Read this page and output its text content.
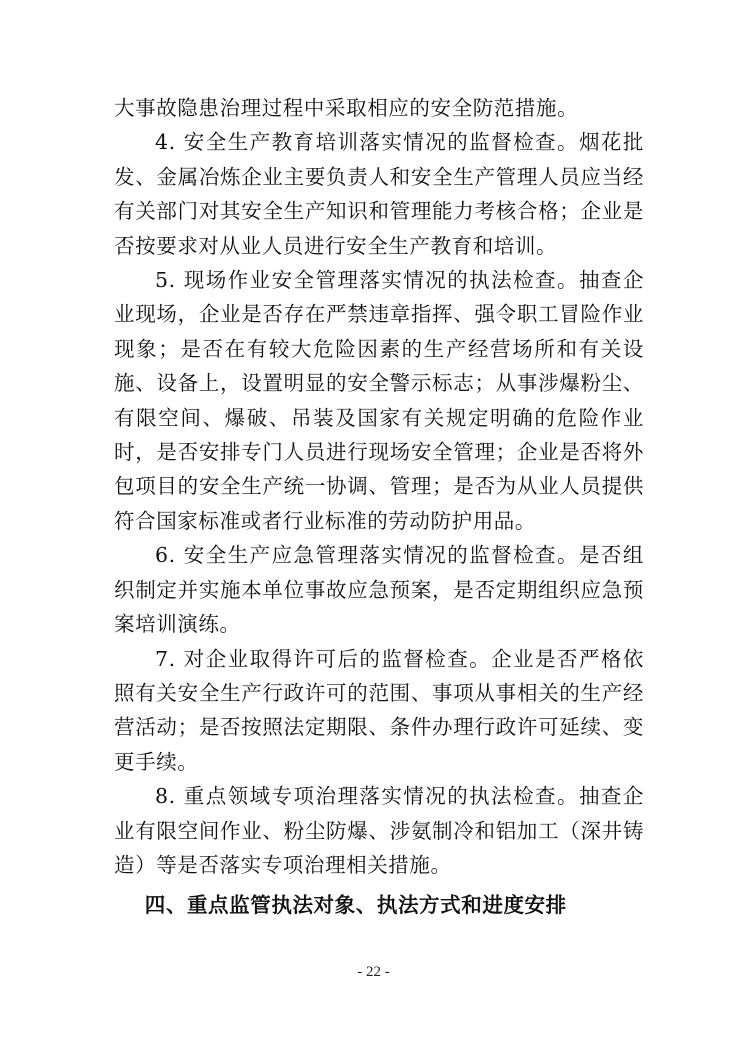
大事故隐患治理过程中采取相应的安全防范措施。

4. 安全生产教育培训落实情况的监督检查。烟花批发、金属冶炼企业主要负责人和安全生产管理人员应当经有关部门对其安全生产知识和管理能力考核合格；企业是否按要求对从业人员进行安全生产教育和培训。

5. 现场作业安全管理落实情况的执法检查。抽查企业现场，企业是否存在严禁违章指挥、强令职工冒险作业现象；是否在有较大危险因素的生产经营场所和有关设施、设备上，设置明显的安全警示标志；从事涉爆粉尘、有限空间、爆破、吊装及国家有关规定明确的危险作业时，是否安排专门人员进行现场安全管理；企业是否将外包项目的安全生产统一协调、管理；是否为从业人员提供符合国家标准或者行业标准的劳动防护用品。

6. 安全生产应急管理落实情况的监督检查。是否组织制定并实施本单位事故应急预案，是否定期组织应急预案培训演练。

7. 对企业取得许可后的监督检查。企业是否严格依照有关安全生产行政许可的范围、事项从事相关的生产经营活动；是否按照法定期限、条件办理行政许可延续、变更手续。

8. 重点领域专项治理落实情况的执法检查。抽查企业有限空间作业、粉尘防爆、涉氨制冷和铝加工（深井铸造）等是否落实专项治理相关措施。

四、重点监管执法对象、执法方式和进度安排
- 22 -
